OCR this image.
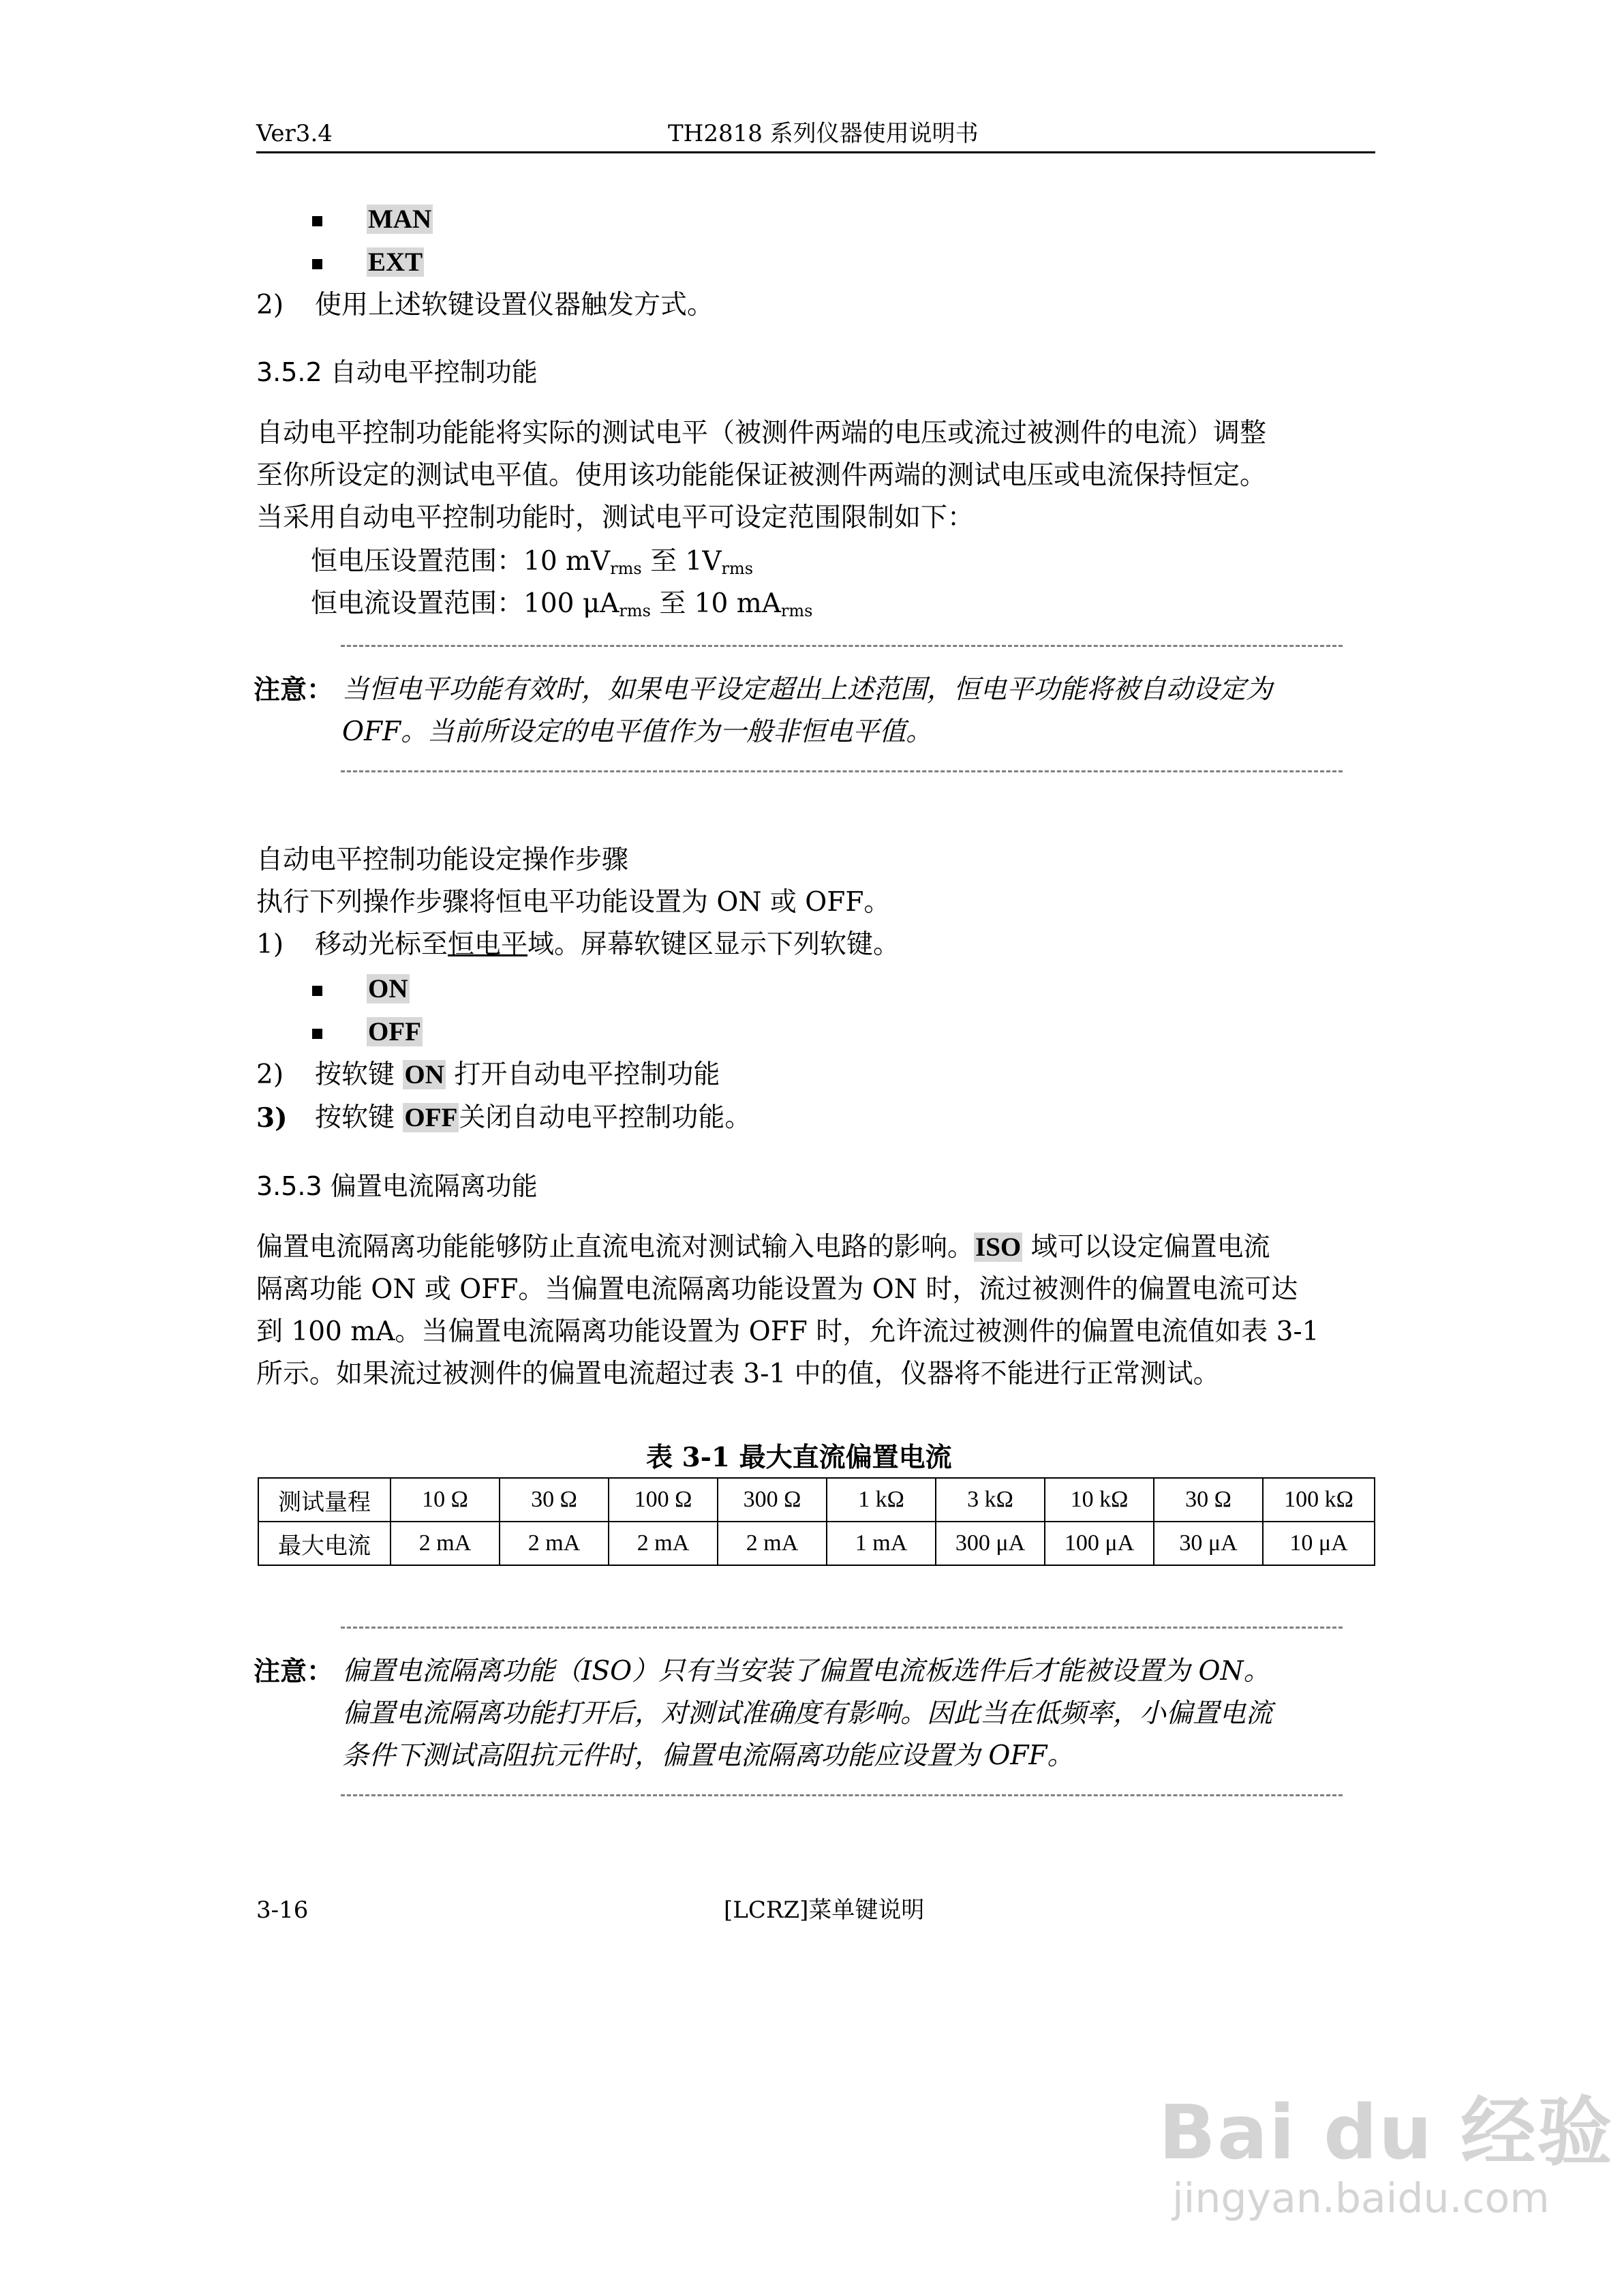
Ver3.4	TH2818 系列仪器使用说明书
MAN
EXT
2) 使用上述软键设置仪器触发方式。
3.5.2 自动电平控制功能
自动电平控制功能能将实际的测试电平（被测件两端的电压或流过被测件的电流）调整
至你所设定的测试电平值。使用该功能能保证被测件两端的测试电压或电流保持恒定。
当采用自动电平控制功能时，测试电平可设定范围限制如下：
恒电压设置范围：10 $mV_{rms}$ 至 $1V_{rms}$
恒电流设置范围：100 $\mu A_{rms}$ 至 10 $mA_{rms}$
注意： 当恒电平功能有效时，如果电平设定超出上述范围，恒电平功能将被自动设定为
OFF。当前所设定的电平值作为一般非恒电平值。
自动电平控制功能设定操作步骤
执行下列操作步骤将恒电平功能设置为 ON 或 OFF。
1) 移动光标至恒电平域。屏幕软键区显示下列软键。
ON
OFF
2) 按软键 ON 打开自动电平控制功能
3) 按软键 OFF关闭自动电平控制功能。
3.5.3 偏置电流隔离功能
偏置电流隔离功能能够防止直流电流对测试输入电路的影响。ISO 域可以设定偏置电流
隔离功能 ON 或 OFF。当偏置电流隔离功能设置为 ON 时，流过被测件的偏置电流可达
到 100 mA。当偏置电流隔离功能设置为 OFF 时，允许流过被测件的偏置电流值如表 3-1
所示。如果流过被测件的偏置电流超过表 3-1 中的值，仪器将不能进行正常测试。
表 3-1 最大直流偏置电流
测试量程	10 Ω	30 Ω	100 Ω	300 Ω	1 kΩ	3 kΩ	10 kΩ	30 Ω	100 kΩ
最大电流	2 mA	2 mA	2 mA	2 mA	1 mA	300 μA	100 μA	30 μA	10 μA
注意： 偏置电流隔离功能（ISO）只有当安装了偏置电流板选件后才能被设置为 ON。
偏置电流隔离功能打开后，对测试准确度有影响。因此当在低频率，小偏置电流
条件下测试高阻抗元件时，偏置电流隔离功能应设置为 OFF。
3-16	[LCRZ]菜单键说明
Bai du 经验
jingyan.baidu.com
